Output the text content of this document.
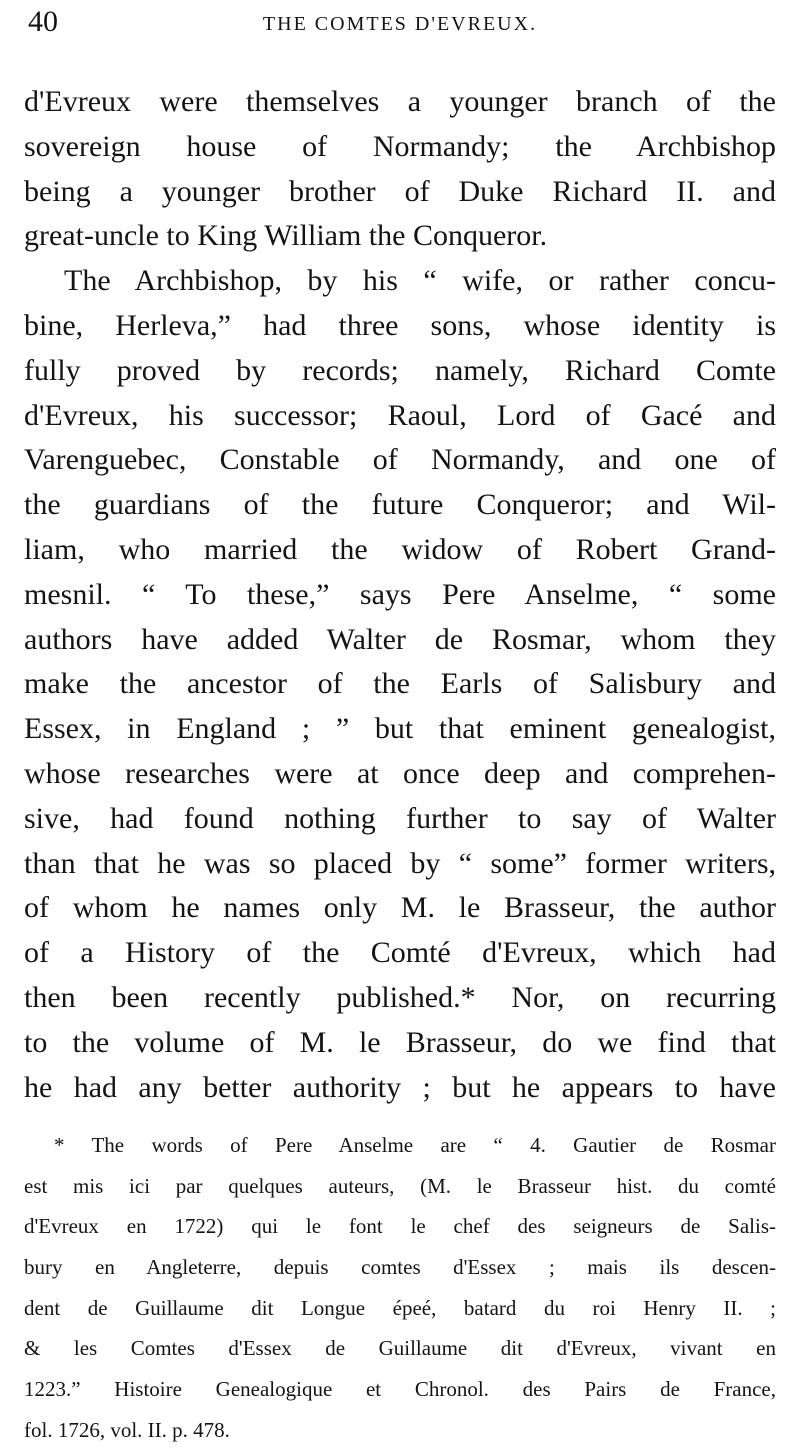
40	THE COMTES D'EVREUX.
d'Evreux were themselves a younger branch of the
sovereign house of Normandy; the Archbishop
being a younger brother of Duke Richard II. and
great-uncle to King William the Conqueror.
The Archbishop, by his “ wife, or rather concu-
bine, Herleva,” had three sons, whose identity is
fully proved by records; namely, Richard Comte
d'Evreux, his successor; Raoul, Lord of Gacé and
Varenguebec, Constable of Normandy, and one of
the guardians of the future Conqueror; and Wil-
liam, who married the widow of Robert Grand-
mesnil. “ To these,” says Pere Anselme, “ some
authors have added Walter de Rosmar, whom they
make the ancestor of the Earls of Salisbury and
Essex, in England ; ” but that eminent genealogist,
whose researches were at once deep and comprehen-
sive, had found nothing further to say of Walter
than that he was so placed by “ some” former writers,
of whom he names only M. le Brasseur, the author
of a History of the Comté d'Evreux, which had
then been recently published.* Nor, on recurring
to the volume of M. le Brasseur, do we find that
he had any better authority ; but he appears to have
* The words of Pere Anselme are “ 4. Gautier de Rosmar
est mis ici par quelques auteurs, (M. le Brasseur hist. du comté
d'Evreux en 1722) qui le font le chef des seigneurs de Salis-
bury en Angleterre, depuis comtes d'Essex ; mais ils descen-
dent de Guillaume dit Longue épeé, batard du roi Henry II. ;
& les Comtes d'Essex de Guillaume dit d'Evreux, vivant en
1223.” Histoire Genealogique et Chronol. des Pairs de France,
fol. 1726, vol. II. p. 478.
